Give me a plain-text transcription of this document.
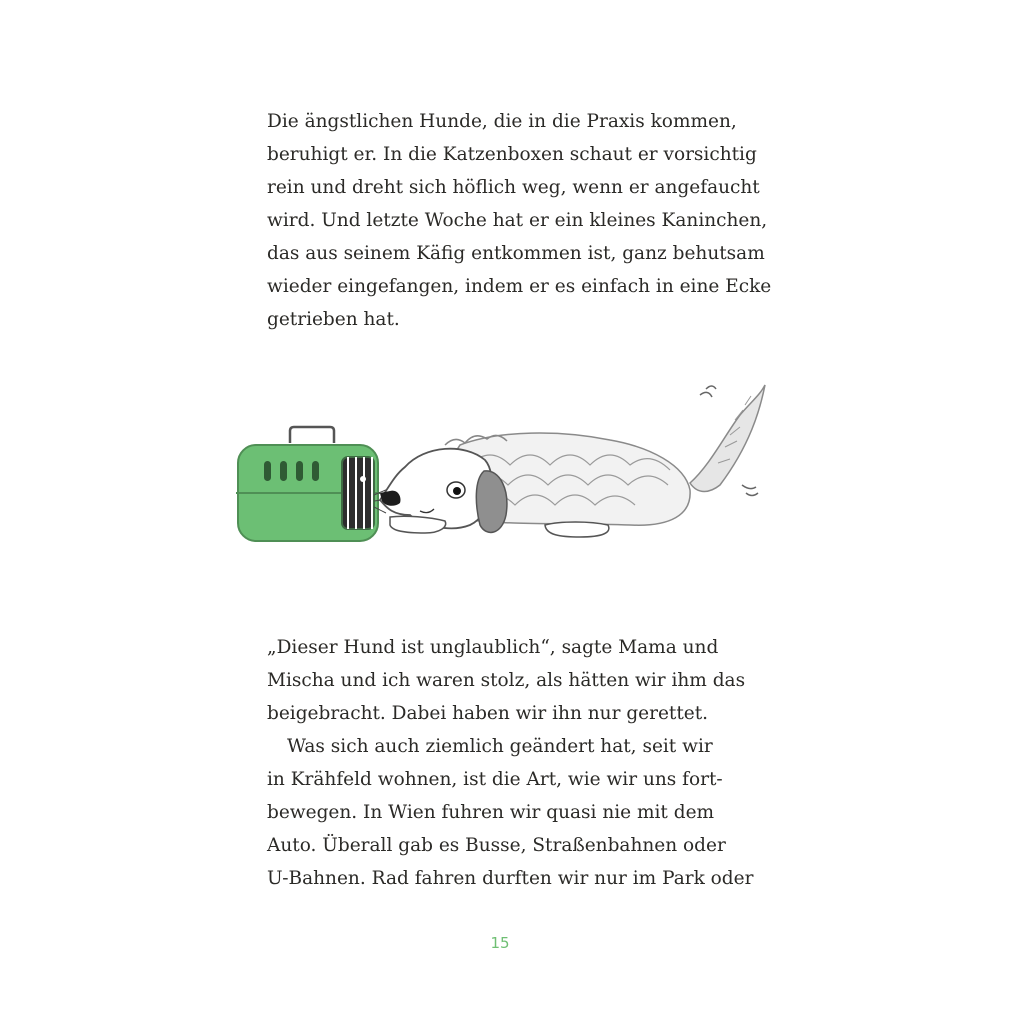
Die ängstlichen Hunde, die in die Praxis kommen,
beruhigt er. In die Katzenboxen schaut er vorsichtig
rein und dreht sich höflich weg, wenn er angefaucht
wird. Und letzte Woche hat er ein kleines Kaninchen,
das aus seinem Käfig entkommen ist, ganz behutsam
wieder eingefangen, indem er es einfach in eine Ecke
getrieben hat.

„Dieser Hund ist unglaublich“, sagte Mama und
Mischa und ich waren stolz, als hätten wir ihm das
beigebracht. Dabei haben wir ihn nur gerettet.

Was sich auch ziemlich geändert hat, seit wir
in Krähfeld wohnen, ist die Art, wie wir uns fort-
bewegen. In Wien fuhren wir quasi nie mit dem
Auto. Überall gab es Busse, Straßenbahnen oder
U-Bahnen. Rad fahren durften wir nur im Park oder

15
